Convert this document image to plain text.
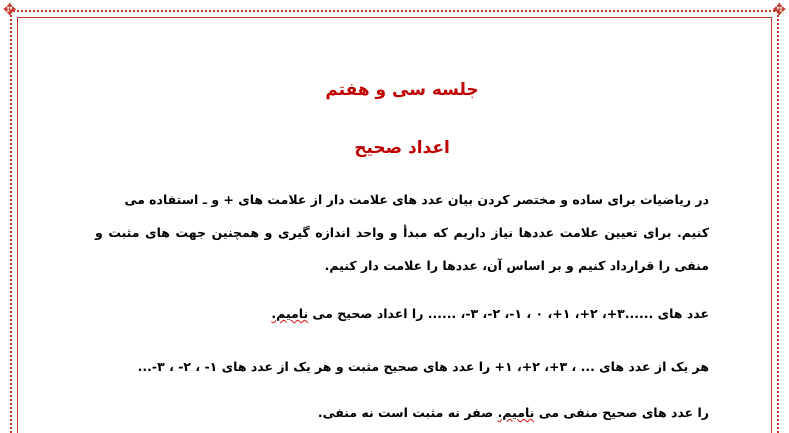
✥	✥
جلسه سی و هفتم
اعداد صحیح
در ریاضیات برای ساده و مختصر کردن بیان عدد های علامت دار از علامت های + و ـ استفاده می
کنیم. برای تعیین علامت عددها نیاز داریم که مبدأ و واحد اندازه گیری و همچنین جهت های مثبت و
منفی را قرارداد کنیم و بر اساس آن، عددها را علامت دار کنیم.
عدد های ......۳+، ۲+، ۱+، ۰ ، ۱-، ۲-، ۳-، ...... را اعداد صحیح می نامیم.
هر یک از عدد های ... ، ۳+، ۲+، ۱+ را عدد های صحیح مثبت و هر یک از عدد های ۱- ، ۲- ، ۳-...
را عدد های صحیح منفی می نامیم. صفر نه مثبت است نه منفی.
